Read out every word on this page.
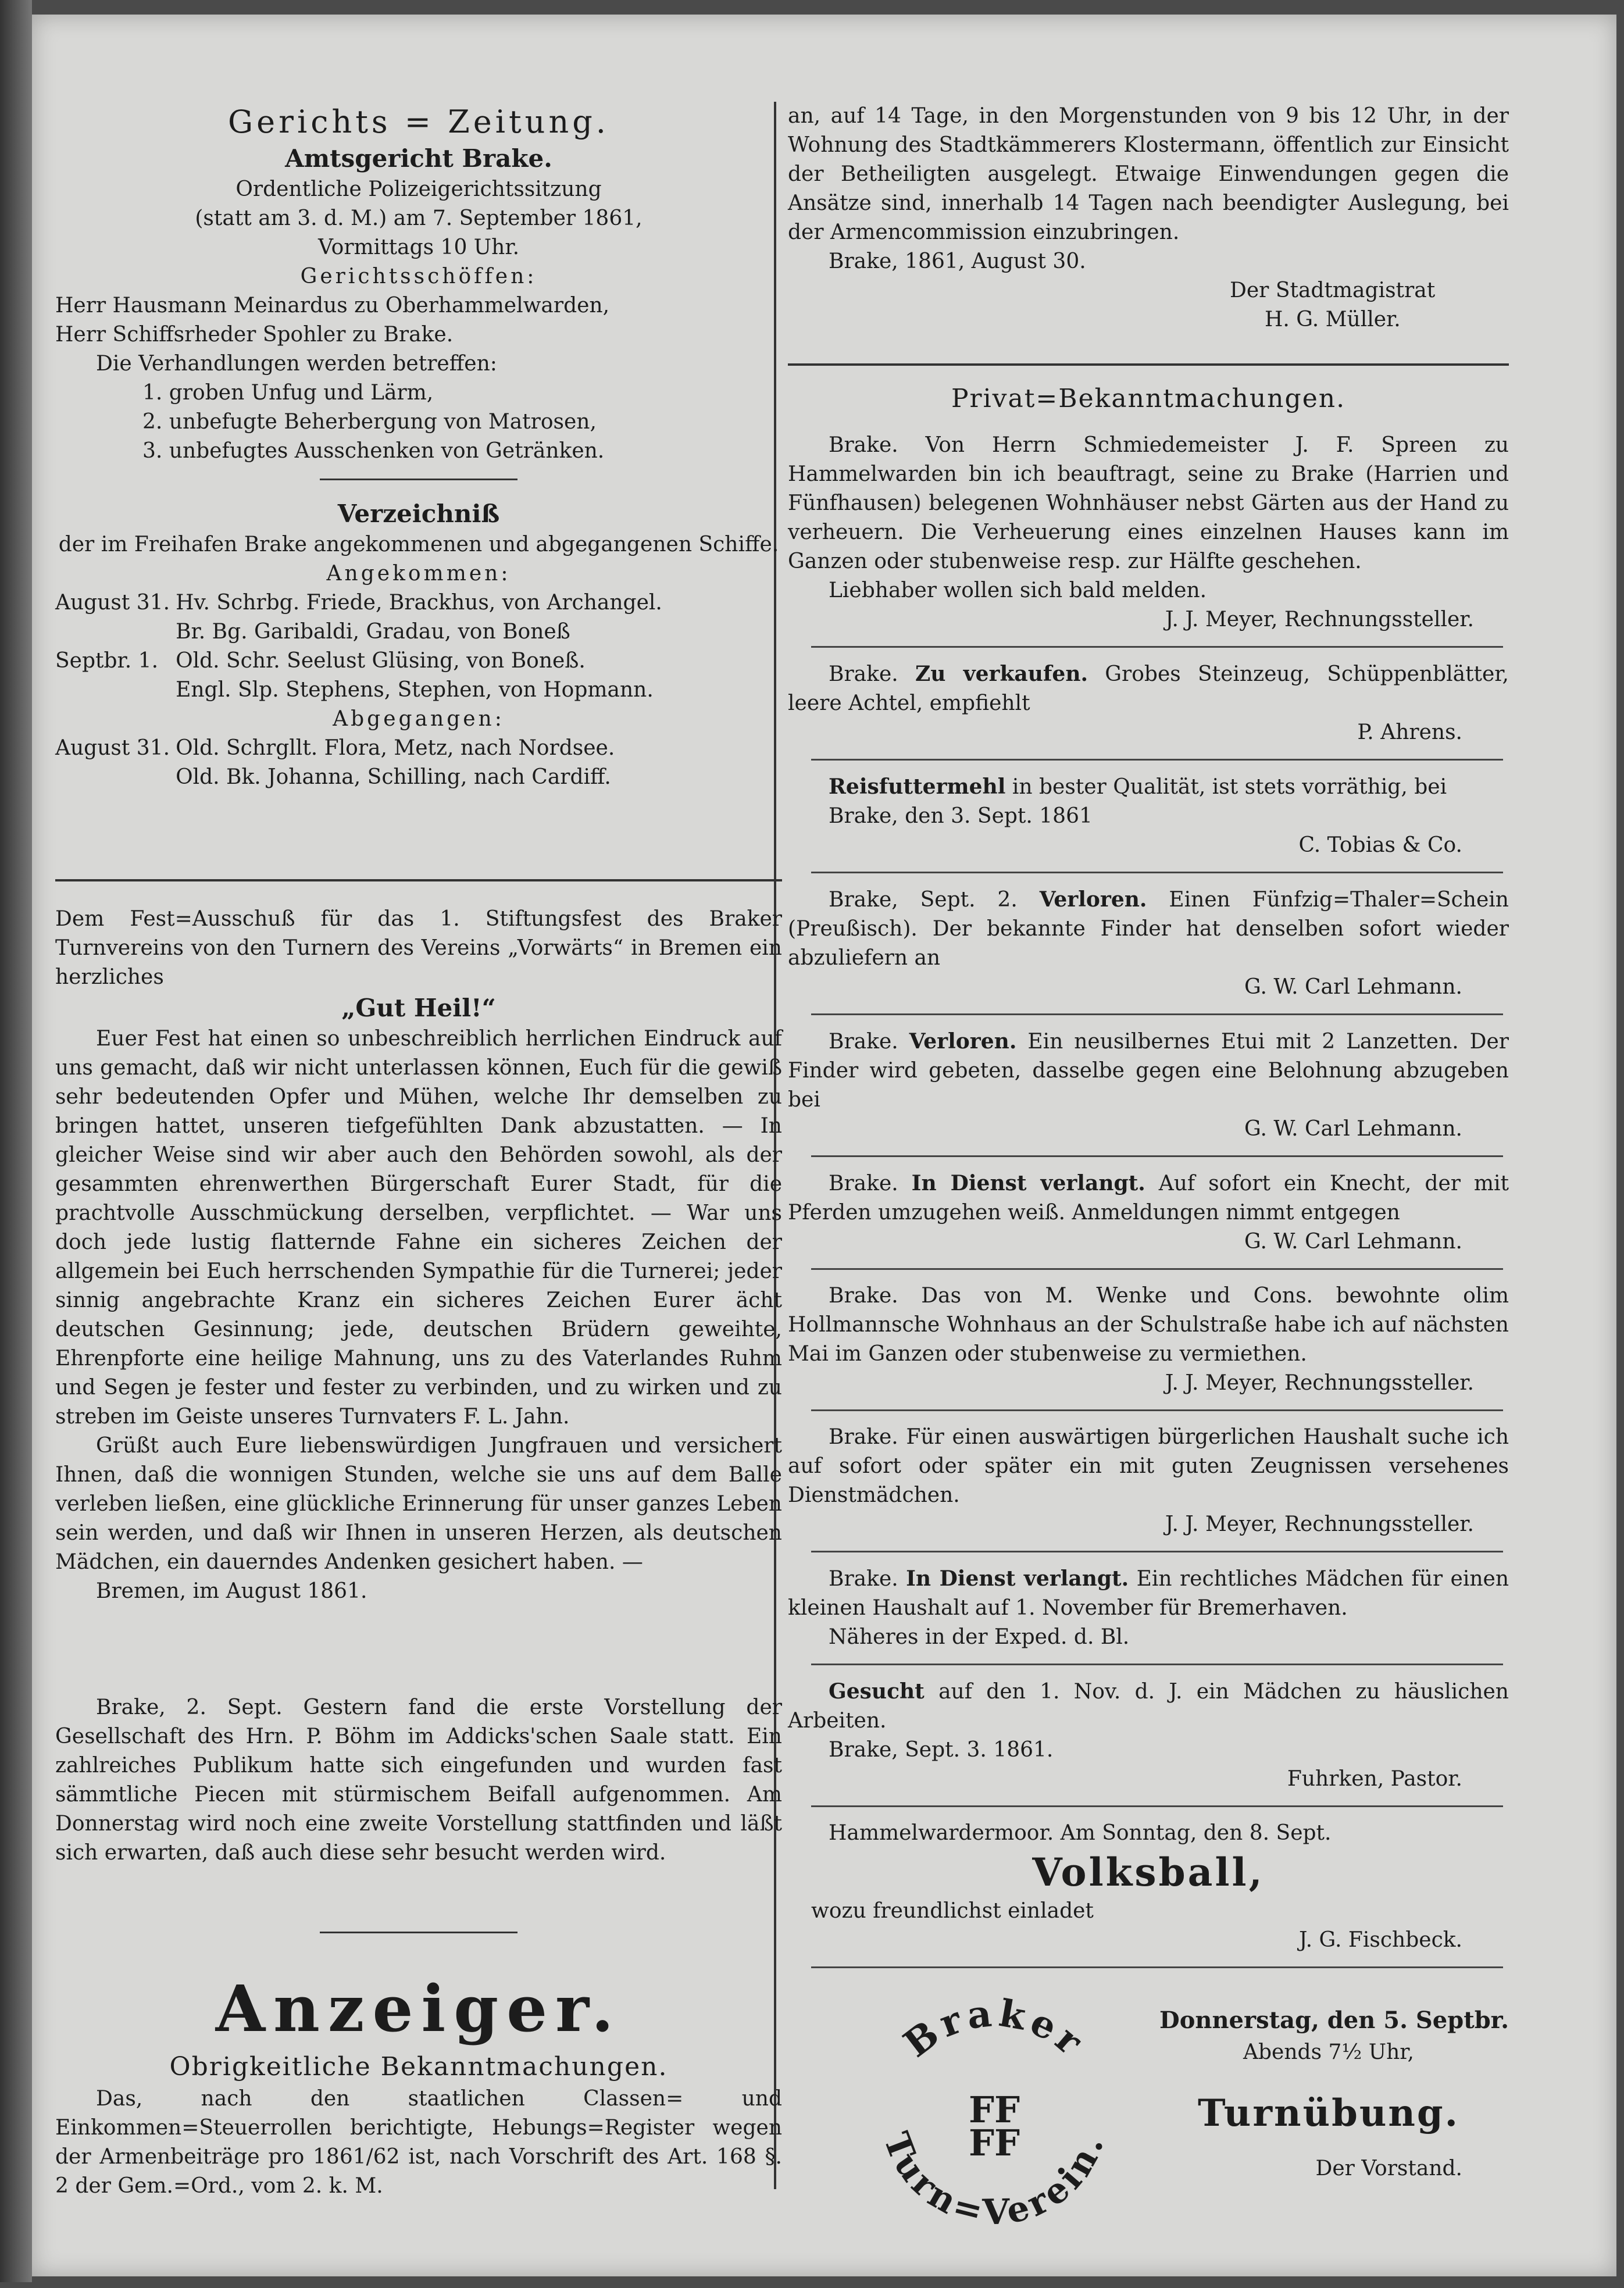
Gerichts = Zeitung.

Amtsgericht Brake.

Ordentliche Polizeigerichtssitzung

(statt am 3. d. M.) am 7. September 1861,

Vormittags 10 Uhr.

Gerichtsschöffen:

Herr Hausmann Meinardus zu Oberhammelwarden,

Herr Schiffsrheder Spohler zu Brake.

Die Verhandlungen werden betreffen:

1. groben Unfug und Lärm,

2. unbefugte Beherbergung von Matrosen,

3. unbefugtes Ausschenken von Getränken.

Verzeichniß

der im Freihafen Brake angekommenen und abgegangenen Schiffe.

Angekommen:

August 31.	Hv. Schrbg. Friede, Brackhus, von Archangel.
	Br. Bg. Garibaldi, Gradau, von Boneß
Septbr. 1.	Old. Schr. Seelust Glüsing, von Boneß.
	Engl. Slp. Stephens, Stephen, von Hopmann.

Abgegangen:

August 31.	Old. Schrgllt. Flora, Metz, nach Nordsee.
	Old. Bk. Johanna, Schilling, nach Cardiff.

Dem Fest=Ausschuß für das 1. Stiftungsfest des Braker Turnvereins von den Turnern des Vereins „Vorwärts“ in Bremen ein herzliches

„Gut Heil!“

Euer Fest hat einen so unbeschreiblich herrlichen Eindruck auf uns gemacht, daß wir nicht unterlassen können, Euch für die gewiß sehr bedeutenden Opfer und Mühen, welche Ihr demselben zu bringen hattet, unseren tiefgefühlten Dank abzustatten. — In gleicher Weise sind wir aber auch den Behörden sowohl, als der gesammten ehrenwerthen Bürgerschaft Eurer Stadt, für die prachtvolle Ausschmückung derselben, verpflichtet. — War uns doch jede lustig flatternde Fahne ein sicheres Zeichen der allgemein bei Euch herrschenden Sympathie für die Turnerei; jeder sinnig angebrachte Kranz ein sicheres Zeichen Eurer ächt deutschen Gesinnung; jede, deutschen Brüdern geweihte, Ehrenpforte eine heilige Mahnung, uns zu des Vaterlandes Ruhm und Segen je fester und fester zu verbinden, und zu wirken und zu streben im Geiste unseres Turnvaters F. L. Jahn.

Grüßt auch Eure liebenswürdigen Jungfrauen und versichert Ihnen, daß die wonnigen Stunden, welche sie uns auf dem Balle verleben ließen, eine glückliche Erinnerung für unser ganzes Leben sein werden, und daß wir Ihnen in unseren Herzen, als deutschen Mädchen, ein dauerndes Andenken gesichert haben. —

Bremen, im August 1861.

Brake, 2. Sept. Gestern fand die erste Vorstellung der Gesellschaft des Hrn. P. Böhm im Addicks'schen Saale statt. Ein zahlreiches Publikum hatte sich eingefunden und wurden fast sämmtliche Piecen mit stürmischem Beifall aufgenommen. Am Donnerstag wird noch eine zweite Vorstellung stattfinden und läßt sich erwarten, daß auch diese sehr besucht werden wird.

Anzeiger.

Obrigkeitliche Bekanntmachungen.

Das, nach den staatlichen Classen= und Einkommen=Steuerrollen berichtigte, Hebungs=Register wegen der Armenbeiträge pro 1861/62 ist, nach Vorschrift des Art. 168 §. 2 der Gem.=Ord., vom 2. k. M.

an, auf 14 Tage, in den Morgenstunden von 9 bis 12 Uhr, in der Wohnung des Stadtkämmerers Klostermann, öffentlich zur Einsicht der Betheiligten ausgelegt. Etwaige Einwendungen gegen die Ansätze sind, innerhalb 14 Tagen nach beendigter Auslegung, bei der Armencommission einzubringen.

Brake, 1861, August 30.

Der Stadtmagistrat

H. G. Müller.

Privat=Bekanntmachungen.

Brake. Von Herrn Schmiedemeister J. F. Spreen zu Hammelwarden bin ich beauftragt, seine zu Brake (Harrien und Fünfhausen) belegenen Wohnhäuser nebst Gärten aus der Hand zu verheuern. Die Verheuerung eines einzelnen Hauses kann im Ganzen oder stubenweise resp. zur Hälfte geschehen.

Liebhaber wollen sich bald melden.

J. J. Meyer, Rechnungssteller.

Brake. Zu verkaufen. Grobes Steinzeug, Schüppenblätter, leere Achtel, empfiehlt

P. Ahrens.

Reisfuttermehl in bester Qualität, ist stets vorräthig, bei

Brake, den 3. Sept. 1861

C. Tobias & Co.

Brake, Sept. 2. Verloren. Einen Fünfzig=Thaler=Schein (Preußisch). Der bekannte Finder hat denselben sofort wieder abzuliefern an

G. W. Carl Lehmann.

Brake. Verloren. Ein neusilbernes Etui mit 2 Lanzetten. Der Finder wird gebeten, dasselbe gegen eine Belohnung abzugeben bei

G. W. Carl Lehmann.

Brake. In Dienst verlangt. Auf sofort ein Knecht, der mit Pferden umzugehen weiß. Anmeldungen nimmt entgegen

G. W. Carl Lehmann.

Brake. Das von M. Wenke und Cons. bewohnte olim Hollmannsche Wohnhaus an der Schulstraße habe ich auf nächsten Mai im Ganzen oder stubenweise zu vermiethen.

J. J. Meyer, Rechnungssteller.

Brake. Für einen auswärtigen bürgerlichen Haushalt suche ich auf sofort oder später ein mit guten Zeugnissen versehenes Dienstmädchen.

J. J. Meyer, Rechnungssteller.

Brake. In Dienst verlangt. Ein rechtliches Mädchen für einen kleinen Haushalt auf 1. November für Bremerhaven.

Näheres in der Exped. d. Bl.

Gesucht auf den 1. Nov. d. J. ein Mädchen zu häuslichen Arbeiten.

Brake, Sept. 3. 1861.

Fuhrken, Pastor.

Hammelwardermoor. Am Sonntag, den 8. Sept.

Volksball,

wozu freundlichst einladet

J. G. Fischbeck.

Braker
Turn=Verein.
FF
FF

Donnerstag, den 5. Septbr.

Abends 7½ Uhr,

Turnübung.

Der Vorstand.
